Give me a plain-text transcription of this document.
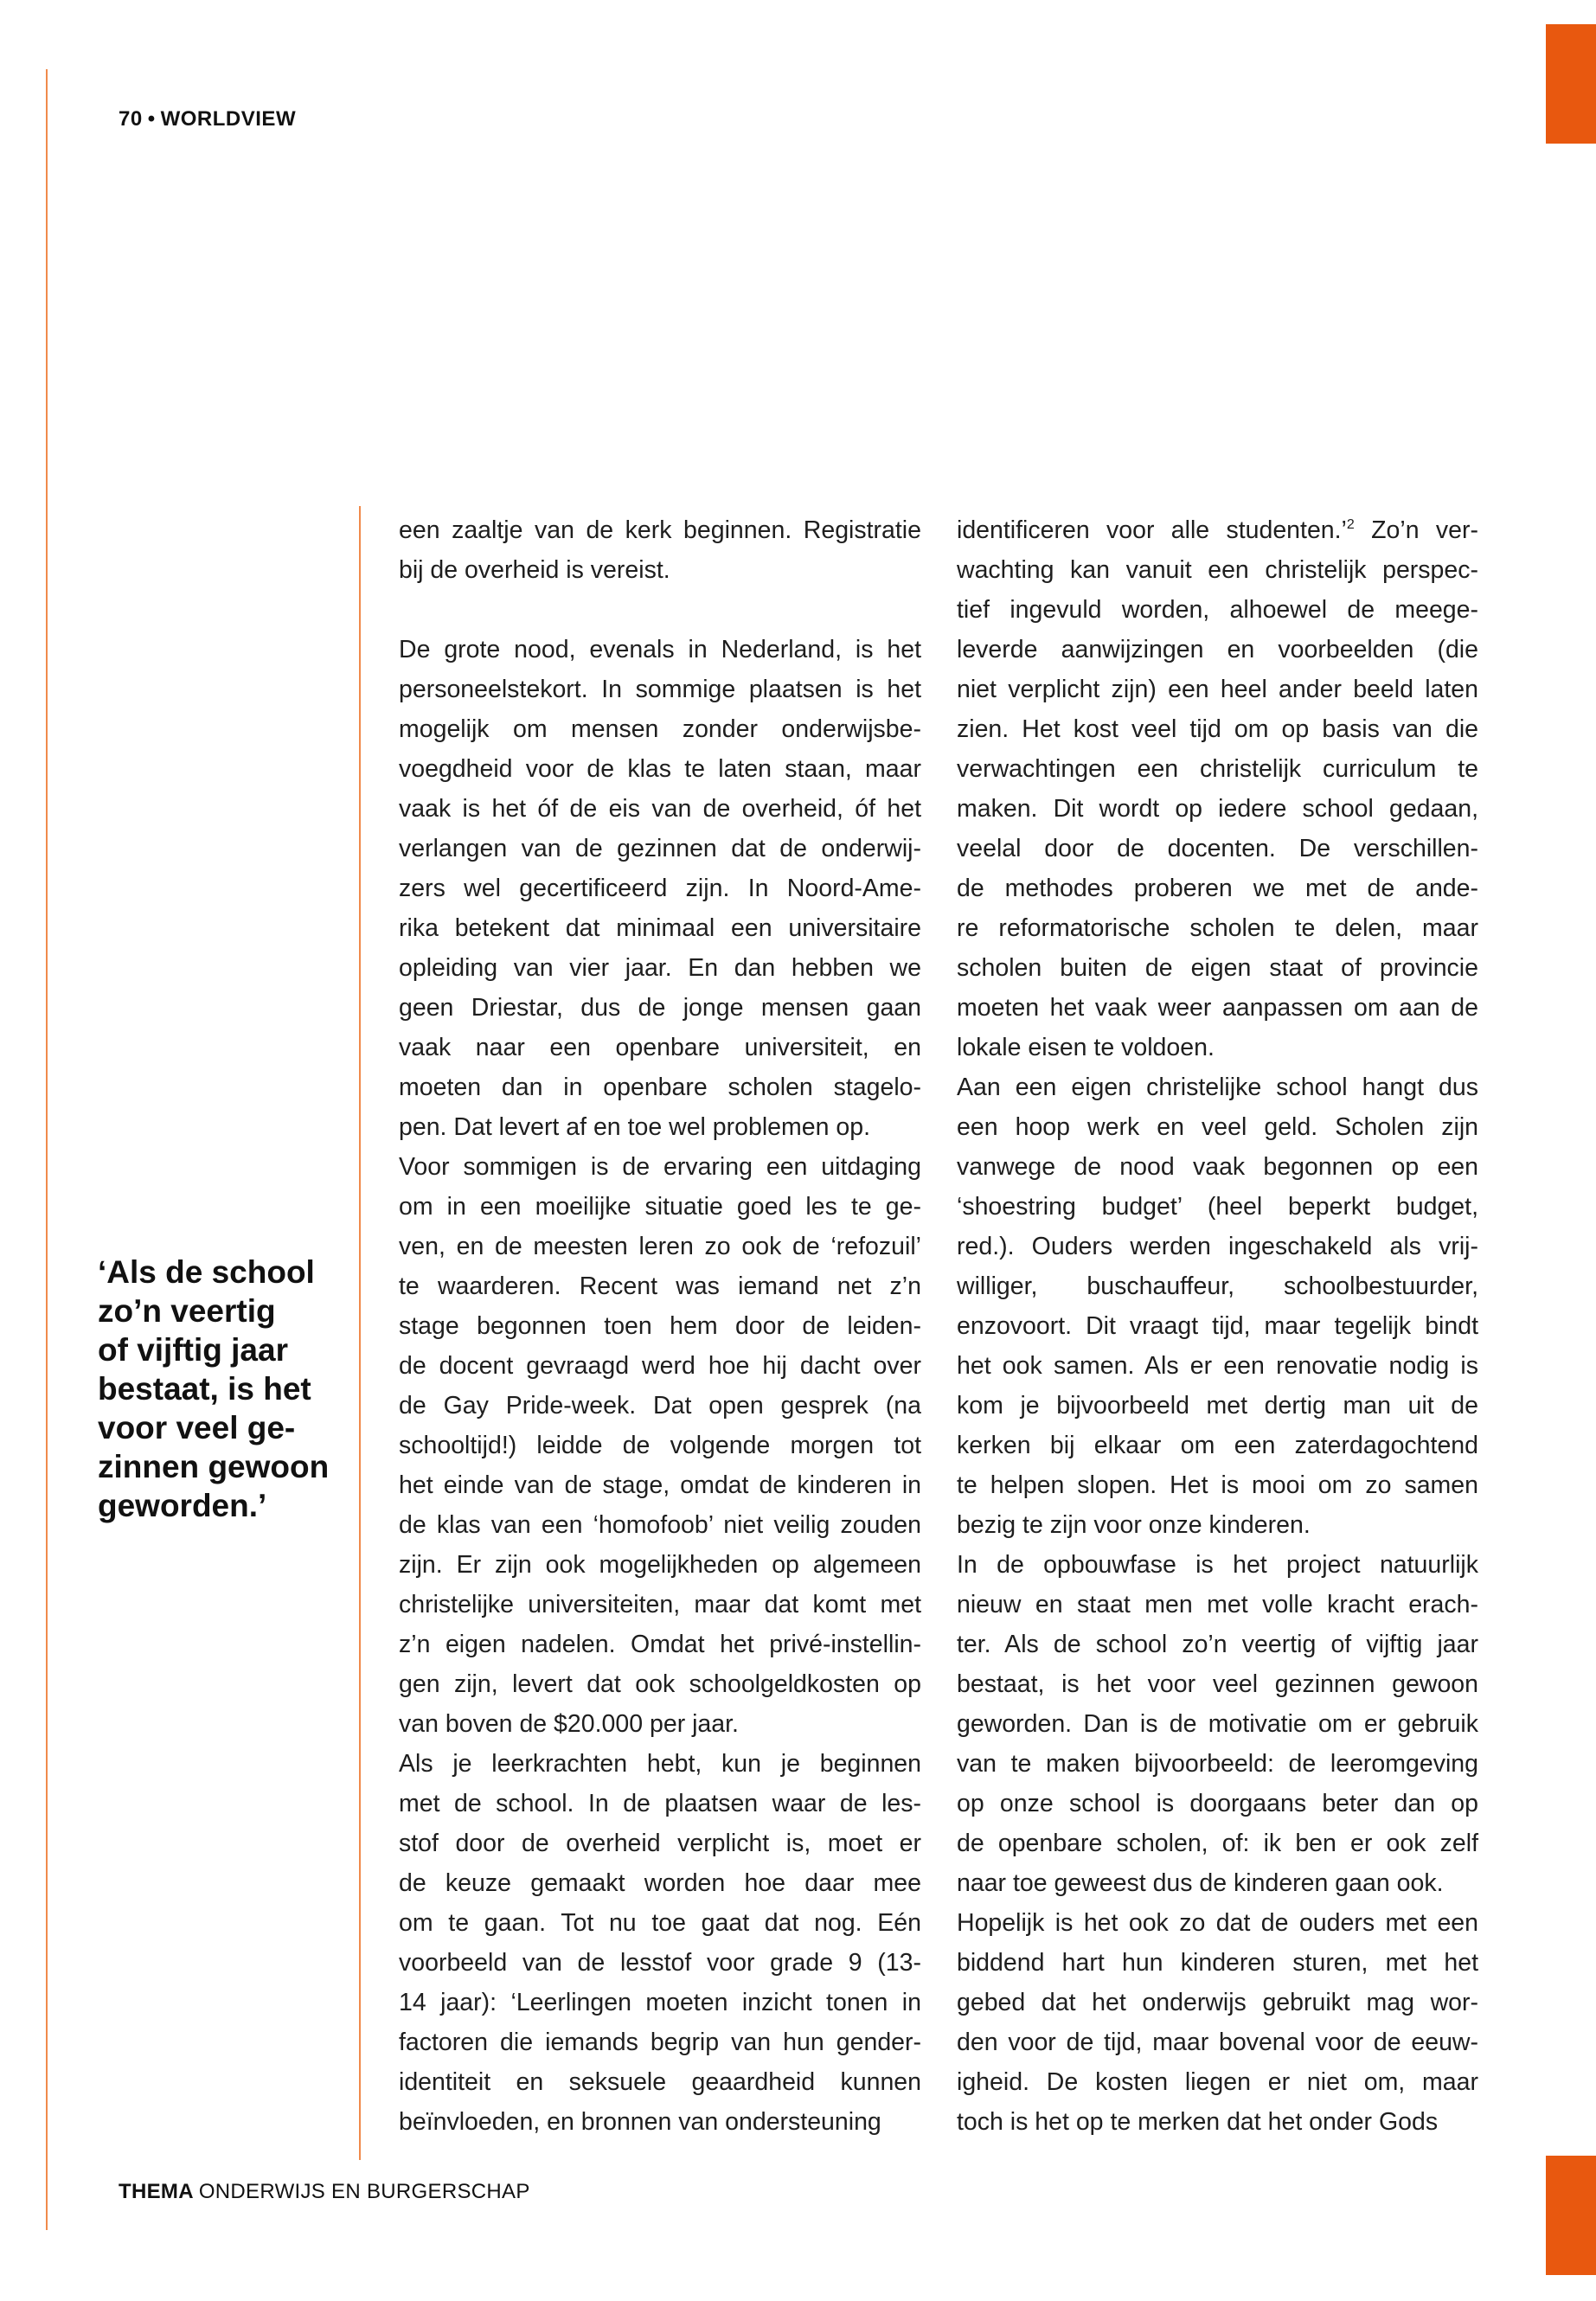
70 • WORLDVIEW
‘Als de school
zo’n veertig
of vijftig jaar
bestaat, is het
voor veel ge-
zinnen gewoon
geworden.’
een zaaltje van de kerk beginnen. Registratie
bij de overheid is vereist.
De grote nood, evenals in Nederland, is het
personeelstekort. In sommige plaatsen is het
mogelijk om mensen zonder onderwijsbe-
voegdheid voor de klas te laten staan, maar
vaak is het óf de eis van de overheid, óf het
verlangen van de gezinnen dat de onderwij-
zers wel gecertificeerd zijn. In Noord-Ame-
rika betekent dat minimaal een universitaire
opleiding van vier jaar. En dan hebben we
geen Driestar, dus de jonge mensen gaan
vaak naar een openbare universiteit, en
moeten dan in openbare scholen stagelo-
pen. Dat levert af en toe wel problemen op.
Voor sommigen is de ervaring een uitdaging
om in een moeilijke situatie goed les te ge-
ven, en de meesten leren zo ook de ‘refozuil’
te waarderen. Recent was iemand net z’n
stage begonnen toen hem door de leiden-
de docent gevraagd werd hoe hij dacht over
de Gay Pride-week. Dat open gesprek (na
schooltijd!) leidde de volgende morgen tot
het einde van de stage, omdat de kinderen in
de klas van een ‘homofoob’ niet veilig zouden
zijn. Er zijn ook mogelijkheden op algemeen
christelijke universiteiten, maar dat komt met
z’n eigen nadelen. Omdat het privé-instellin-
gen zijn, levert dat ook schoolgeldkosten op
van boven de $20.000 per jaar.
Als je leerkrachten hebt, kun je beginnen
met de school. In de plaatsen waar de les-
stof door de overheid verplicht is, moet er
de keuze gemaakt worden hoe daar mee
om te gaan. Tot nu toe gaat dat nog. Eén
voorbeeld van de lesstof voor grade 9 (13-
14 jaar): ‘Leerlingen moeten inzicht tonen in
factoren die iemands begrip van hun gender-
identiteit en seksuele geaardheid kunnen
beïnvloeden, en bronnen van ondersteuning
identificeren voor alle studenten.’$^2$ Zo’n ver-
wachting kan vanuit een christelijk perspec-
tief ingevuld worden, alhoewel de meege-
leverde aanwijzingen en voorbeelden (die
niet verplicht zijn) een heel ander beeld laten
zien. Het kost veel tijd om op basis van die
verwachtingen een christelijk curriculum te
maken. Dit wordt op iedere school gedaan,
veelal door de docenten. De verschillen-
de methodes proberen we met de ande-
re reformatorische scholen te delen, maar
scholen buiten de eigen staat of provincie
moeten het vaak weer aanpassen om aan de
lokale eisen te voldoen.
Aan een eigen christelijke school hangt dus
een hoop werk en veel geld. Scholen zijn
vanwege de nood vaak begonnen op een
‘shoestring budget’ (heel beperkt budget,
red.). Ouders werden ingeschakeld als vrij-
williger, buschauffeur, schoolbestuurder,
enzovoort. Dit vraagt tijd, maar tegelijk bindt
het ook samen. Als er een renovatie nodig is
kom je bijvoorbeeld met dertig man uit de
kerken bij elkaar om een zaterdagochtend
te helpen slopen. Het is mooi om zo samen
bezig te zijn voor onze kinderen.
In de opbouwfase is het project natuurlijk
nieuw en staat men met volle kracht erach-
ter. Als de school zo’n veertig of vijftig jaar
bestaat, is het voor veel gezinnen gewoon
geworden. Dan is de motivatie om er gebruik
van te maken bijvoorbeeld: de leeromgeving
op onze school is doorgaans beter dan op
de openbare scholen, of: ik ben er ook zelf
naar toe geweest dus de kinderen gaan ook.
Hopelijk is het ook zo dat de ouders met een
biddend hart hun kinderen sturen, met het
gebed dat het onderwijs gebruikt mag wor-
den voor de tijd, maar bovenal voor de eeuw-
igheid. De kosten liegen er niet om, maar
toch is het op te merken dat het onder Gods
THEMA ONDERWIJS EN BURGERSCHAP
